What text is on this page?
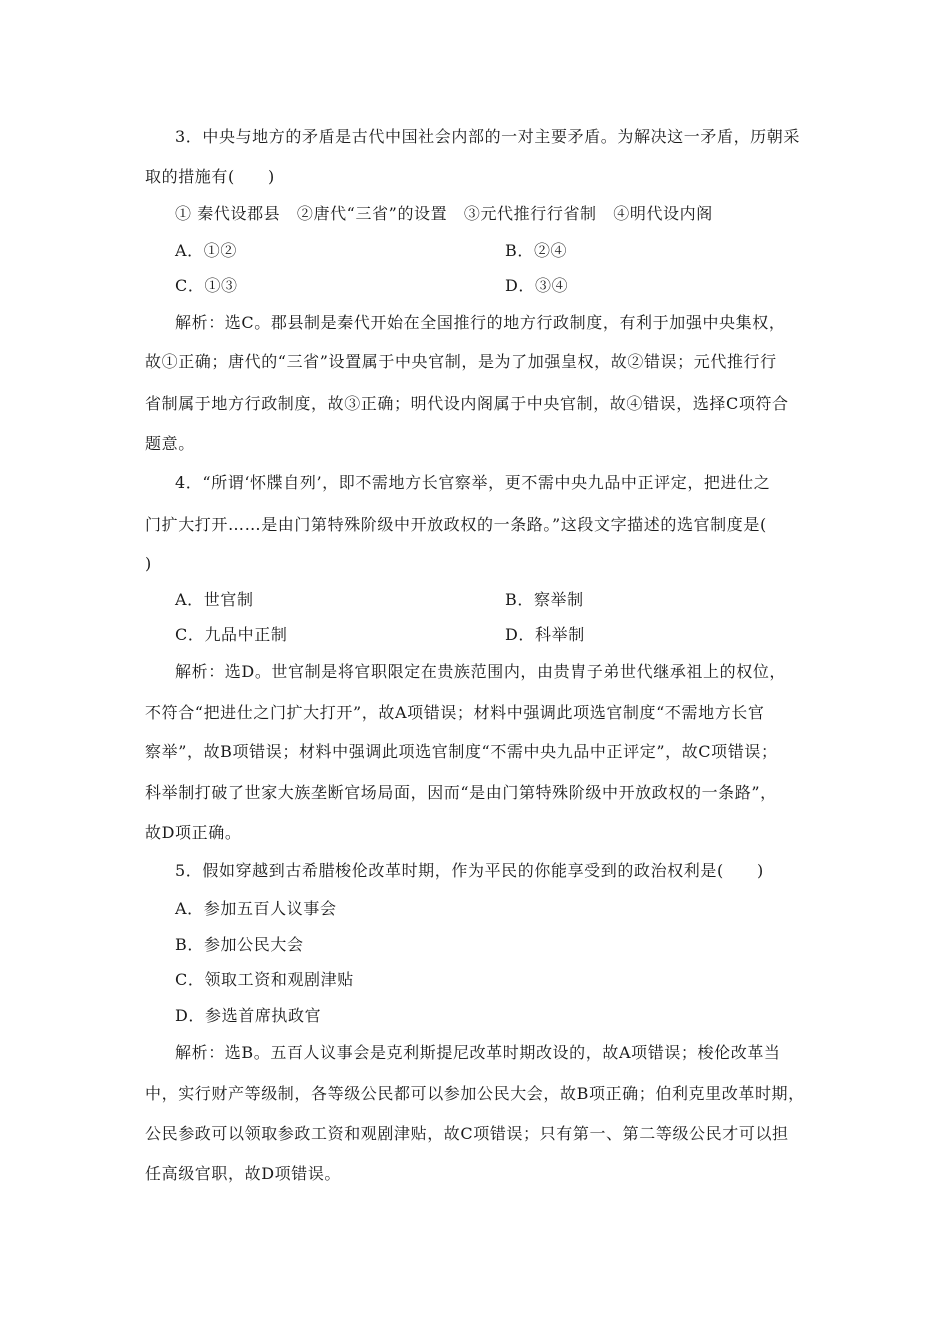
3．中央与地方的矛盾是古代中国社会内部的一对主要矛盾。为解决这一矛盾，历朝采
取的措施有(　　)
① 秦代设郡县　②唐代“三省”的设置　③元代推行行省制　④明代设内阁
A．①②	B．②④
C．①③	D．③④
解析：选C。郡县制是秦代开始在全国推行的地方行政制度，有利于加强中央集权，
故①正确；唐代的“三省”设置属于中央官制，是为了加强皇权，故②错误；元代推行行
省制属于地方行政制度，故③正确；明代设内阁属于中央官制，故④错误，选择C项符合
题意。
4．“所谓‘怀牒自列’，即不需地方长官察举，更不需中央九品中正评定，把进仕之
门扩大打开……是由门第特殊阶级中开放政权的一条路。”这段文字描述的选官制度是(
)
A．世官制	B．察举制
C．九品中正制	D．科举制
解析：选D。世官制是将官职限定在贵族范围内，由贵胄子弟世代继承祖上的权位，
不符合“把进仕之门扩大打开”，故A项错误；材料中强调此项选官制度“不需地方长官
察举”，故B项错误；材料中强调此项选官制度“不需中央九品中正评定”，故C项错误；
科举制打破了世家大族垄断官场局面，因而“是由门第特殊阶级中开放政权的一条路”，
故D项正确。
5．假如穿越到古希腊梭伦改革时期，作为平民的你能享受到的政治权利是(　　)
A．参加五百人议事会
B．参加公民大会
C．领取工资和观剧津贴
D．参选首席执政官
解析：选B。五百人议事会是克利斯提尼改革时期改设的，故A项错误；梭伦改革当
中，实行财产等级制，各等级公民都可以参加公民大会，故B项正确；伯利克里改革时期，
公民参政可以领取参政工资和观剧津贴，故C项错误；只有第一、第二等级公民才可以担
任高级官职，故D项错误。
